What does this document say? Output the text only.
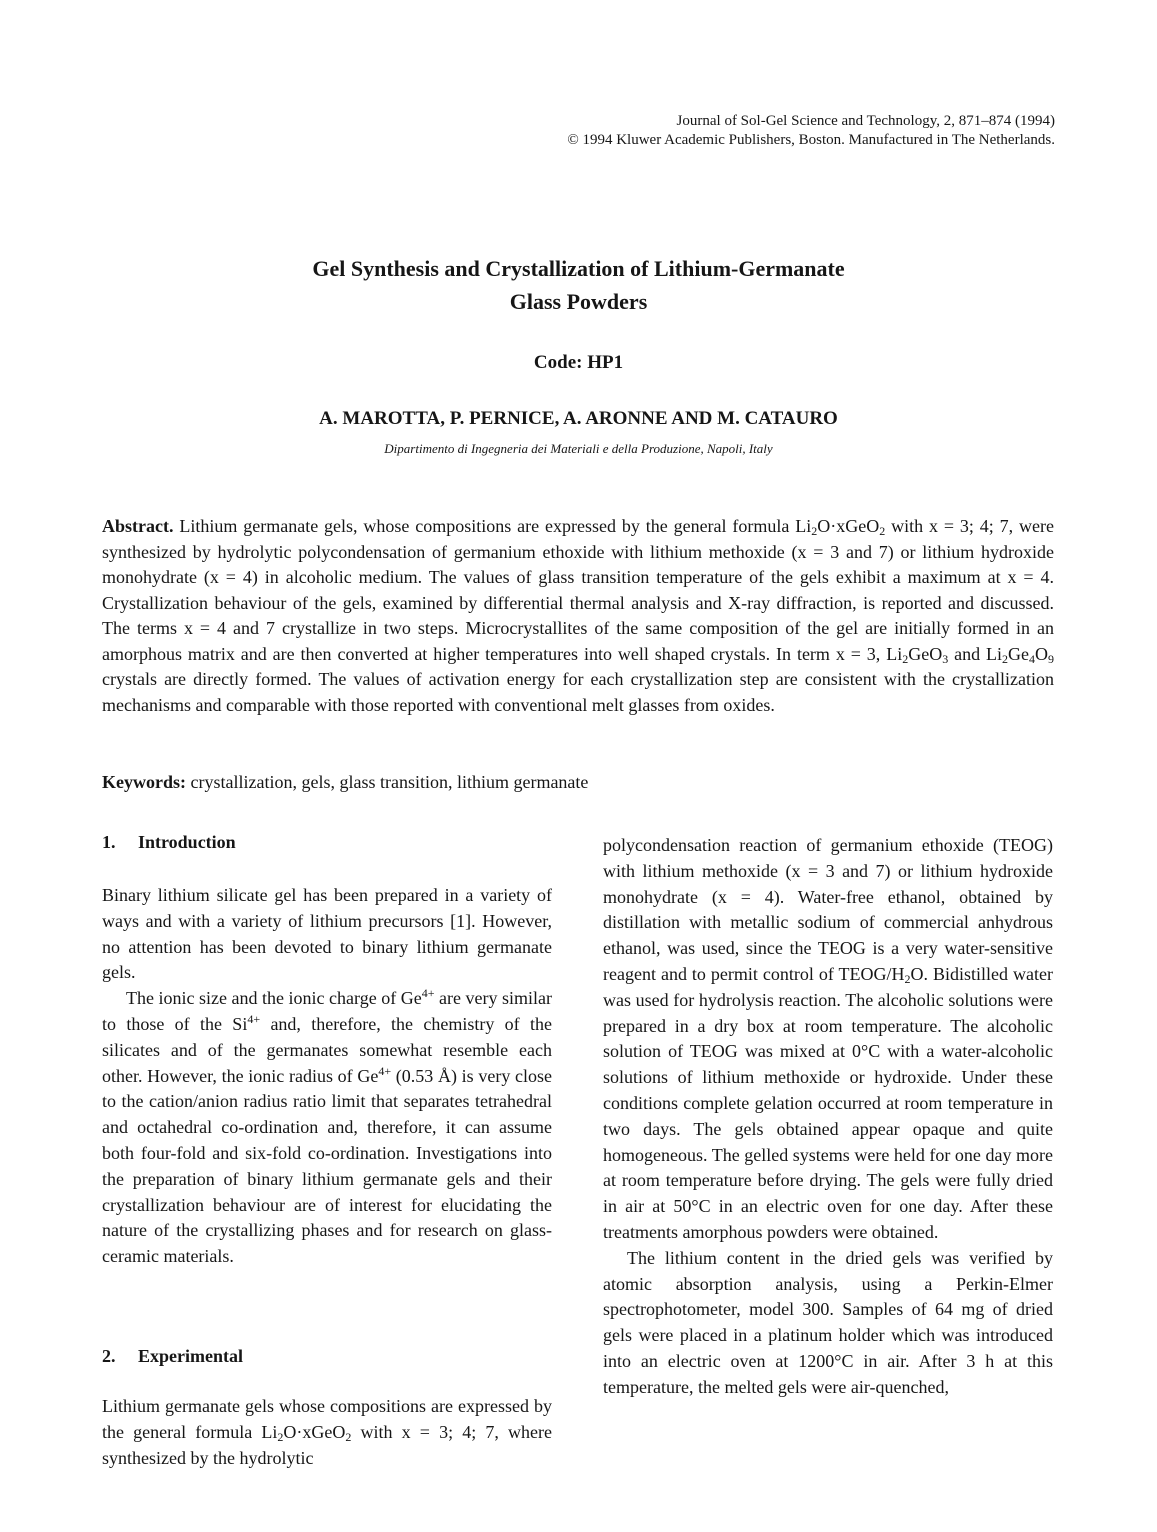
Journal of Sol-Gel Science and Technology, 2, 871–874 (1994)
© 1994 Kluwer Academic Publishers, Boston. Manufactured in The Netherlands.
Gel Synthesis and Crystallization of Lithium-Germanate
Glass Powders
Code: HP1
A. MAROTTA, P. PERNICE, A. ARONNE AND M. CATAURO
Dipartimento di Ingegneria dei Materiali e della Produzione, Napoli, Italy
Abstract. Lithium germanate gels, whose compositions are expressed by the general formula $Li_2O\cdot xGeO_2$ with x = 3; 4; 7, were synthesized by hydrolytic polycondensation of germanium ethoxide with lithium methoxide (x = 3 and 7) or lithium hydroxide monohydrate (x = 4) in alcoholic medium. The values of glass transition temperature of the gels exhibit a maximum at x = 4. Crystallization behaviour of the gels, examined by differential thermal analysis and X-ray diffraction, is reported and discussed. The terms x = 4 and 7 crystallize in two steps. Microcrystallites of the same composition of the gel are initially formed in an amorphous matrix and are then converted at higher temperatures into well shaped crystals. In term x = 3, $Li_2GeO_3$ and $Li_2Ge_4O_9$ crystals are directly formed. The values of activation energy for each crystallization step are consistent with the crystallization mechanisms and comparable with those reported with conventional melt glasses from oxides.
Keywords: crystallization, gels, glass transition, lithium germanate
1. Introduction

Binary lithium silicate gel has been prepared in a variety of ways and with a variety of lithium precursors [1]. However, no attention has been devoted to binary lithium germanate gels.

The ionic size and the ionic charge of $Ge^{4+}$ are very similar to those of the $Si^{4+}$ and, therefore, the chemistry of the silicates and of the germanates somewhat resemble each other. However, the ionic radius of $Ge^{4+}$ (0.53 Å) is very close to the cation/anion radius ratio limit that separates tetrahedral and octahedral co-ordination and, therefore, it can assume both four-fold and six-fold co-ordination. Investigations into the preparation of binary lithium germanate gels and their crystallization behaviour are of interest for elucidating the nature of the crystallizing phases and for research on glass-ceramic materials.

2. Experimental

Lithium germanate gels whose compositions are expressed by the general formula $Li_2O\cdot xGeO_2$ with x = 3; 4; 7, where synthesized by the hydrolytic

polycondensation reaction of germanium ethoxide (TEOG) with lithium methoxide (x = 3 and 7) or lithium hydroxide monohydrate (x = 4). Water-free ethanol, obtained by distillation with metallic sodium of commercial anhydrous ethanol, was used, since the TEOG is a very water-sensitive reagent and to permit control of TEOG/$H_2O$. Bidistilled water was used for hydrolysis reaction. The alcoholic solutions were prepared in a dry box at room temperature. The alcoholic solution of TEOG was mixed at 0°C with a water-alcoholic solutions of lithium methoxide or hydroxide. Under these conditions complete gelation occurred at room temperature in two days. The gels obtained appear opaque and quite homogeneous. The gelled systems were held for one day more at room temperature before drying. The gels were fully dried in air at 50°C in an electric oven for one day. After these treatments amorphous powders were obtained.

The lithium content in the dried gels was verified by atomic absorption analysis, using a Perkin-Elmer spectrophotometer, model 300. Samples of 64 mg of dried gels were placed in a platinum holder which was introduced into an electric oven at 1200°C in air. After 3 h at this temperature, the melted gels were air-quenched,
